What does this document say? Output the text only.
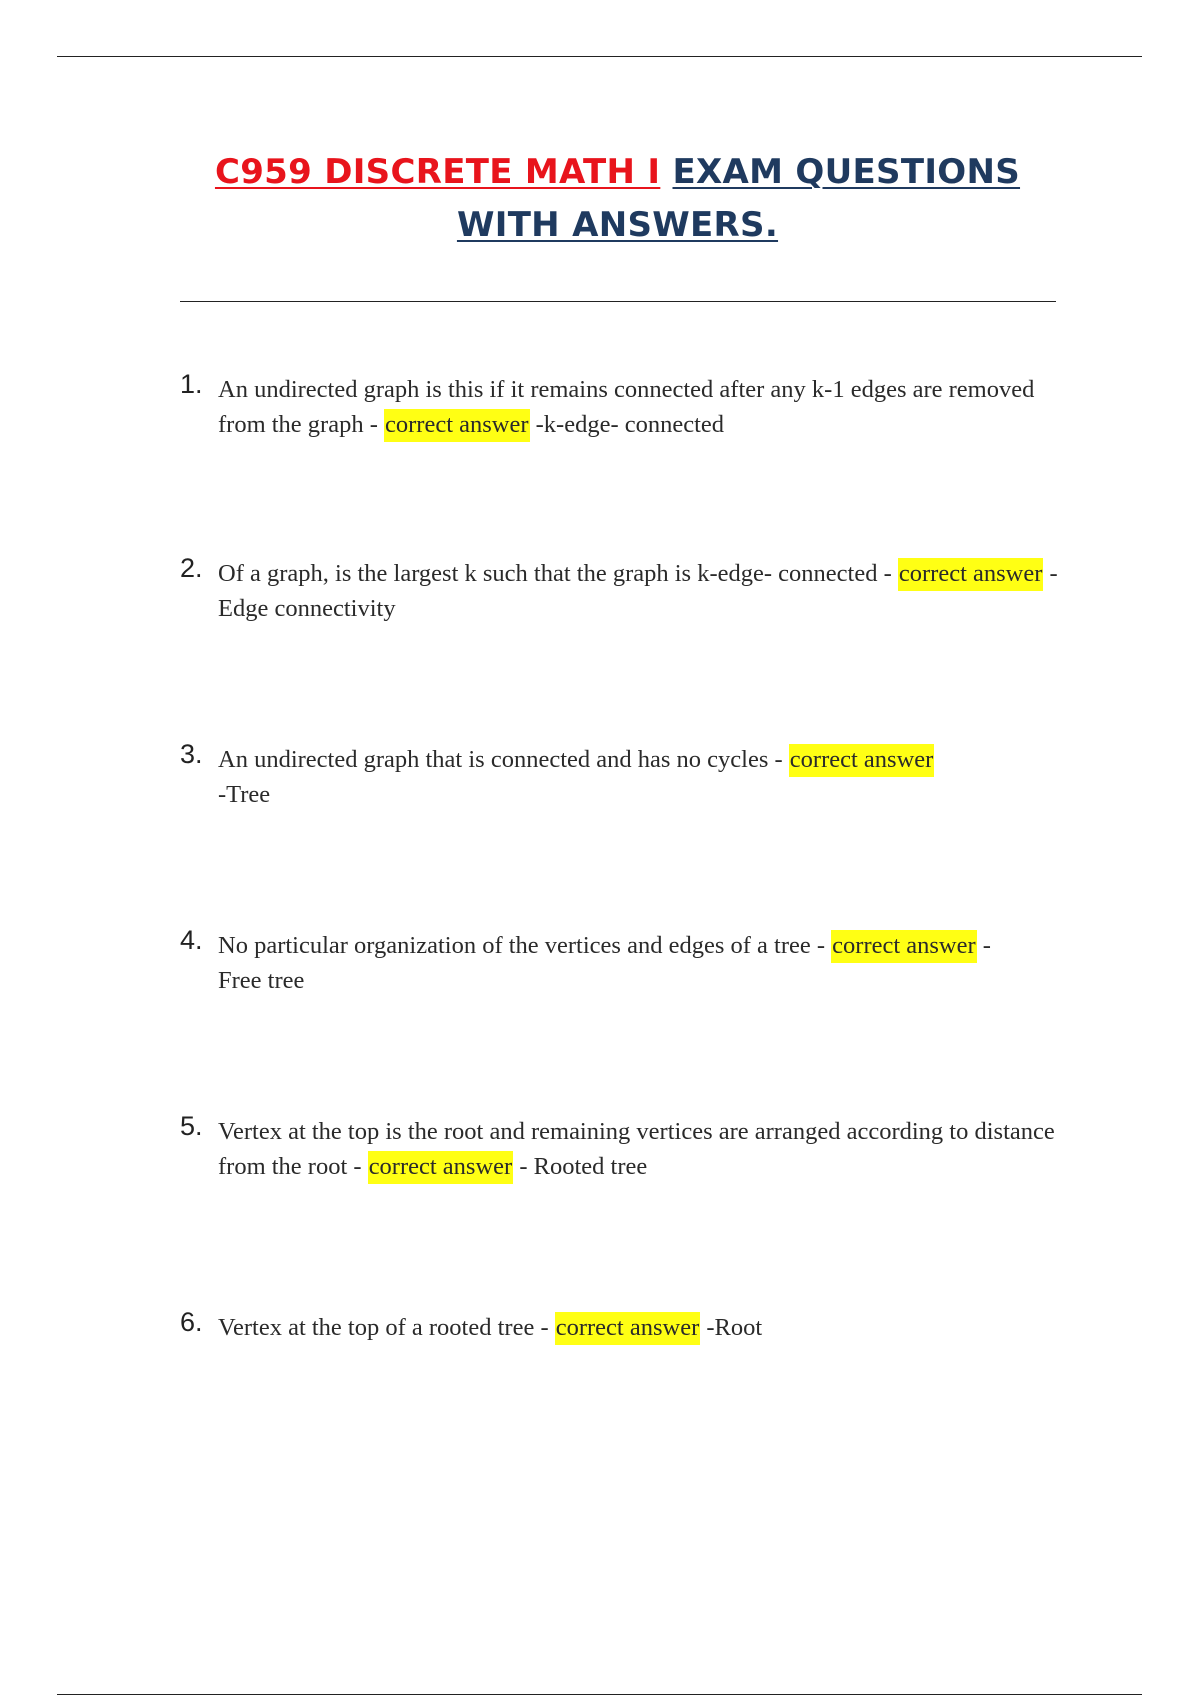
C959 DISCRETE MATH I EXAM QUESTIONS
WITH ANSWERS.
1. An undirected graph is this if it remains connected after any k-1 edges are removed from the graph - correct answer -k-edge- connected
2. Of a graph, is the largest k such that the graph is k-edge- connected - correct answer -Edge connectivity
3. An undirected graph that is connected and has no cycles - correct answer -Tree
4. No particular organization of the vertices and edges of a tree - correct answer -Free tree
5. Vertex at the top is the root and remaining vertices are arranged according to distance from the root - correct answer - Rooted tree
6. Vertex at the top of a rooted tree - correct answer -Root
